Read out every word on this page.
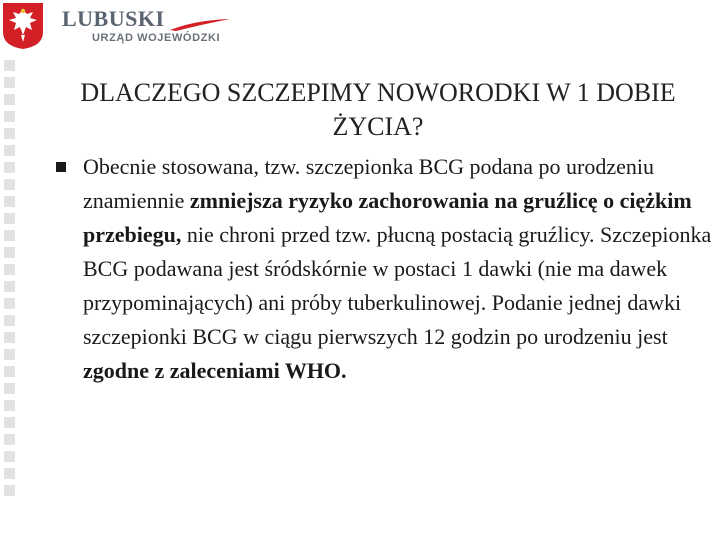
LUBUSKI
URZĄD WOJEWÓDZKI
DLACZEGO SZCZEPIMY NOWORODKI W 1 DOBIE ŻYCIA?
Obecnie stosowana, tzw. szczepionka BCG podana po urodzeniu znamiennie zmniejsza ryzyko zachorowania na gruźlicę o ciężkim przebiegu, nie chroni przed tzw. płucną postacią gruźlicy. Szczepionka BCG podawana jest śródskórnie w postaci 1 dawki (nie ma dawek przypominających) ani próby tuberkulinowej. Podanie jednej dawki szczepionki BCG w ciągu pierwszych 12 godzin po urodzeniu jest zgodne z zaleceniami WHO.
